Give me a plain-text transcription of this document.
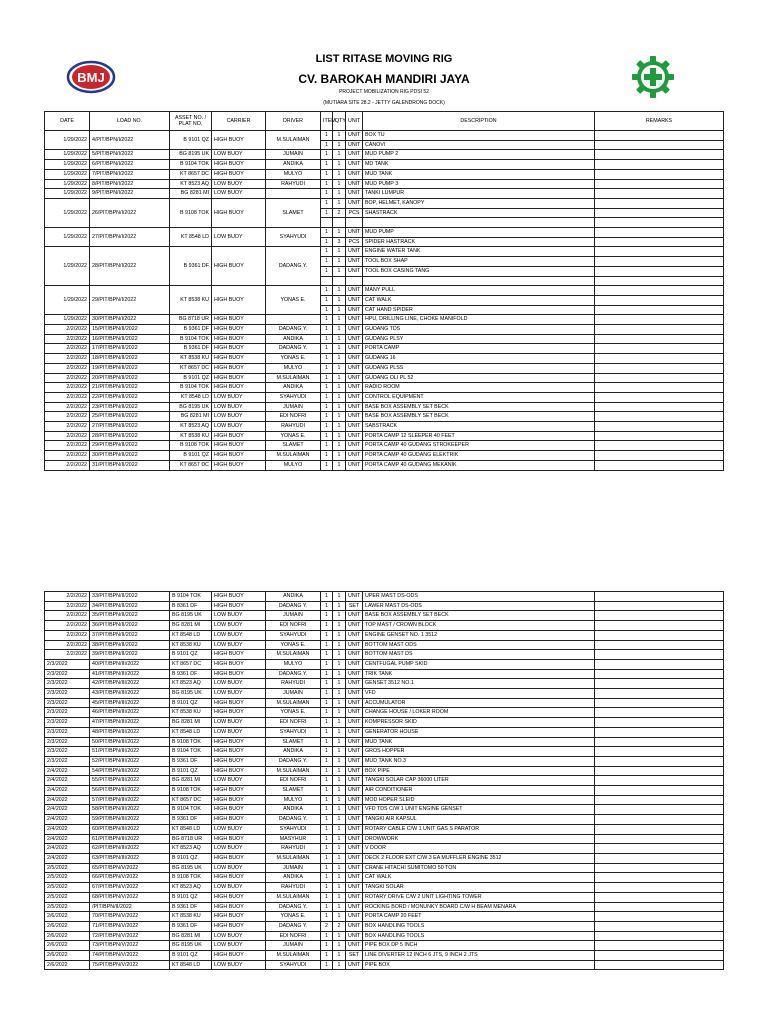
BMJ
LIST RITASE MOVING RIG
CV. BAROKAH MANDIRI JAYA
PROJECT MOBILIZATION RIG PDSI 52
(MUTIARA SITE 28.2 - JETTY GALENDRONG DOCK)
DATE	LOAD NO.	ASSET NO. / PLAT NO.	CARRIER	DRIVER	ITEM	QTY	UNIT	DESCRIPTION	REMARKS
1/29/2022	4/PIT/BPN/I/2022	B 9101 QZ	HIGH BUOY	M.SULAIMAN	1	1	UNIT	BOX TU	
					1	1	UNIT	CANOVI	
1/29/2022	5/PIT/BPN/I/2022	BG 8195 UK	LOW BUOY	JUMAIN	1	1	UNIT	MUD PUMP 2	
1/29/2022	6/PIT/BPN/I/2022	B 9104 TOK	HIGH BUOY	ANDIKA	1	1	UNIT	MD TANK	
1/29/2022	7/PIT/BPN/I/2022	KT 8657 DC	HIGH BUOY	MULYO	1	1	UNIT	MUD TANK	
1/29/2022	8/PIT/BPN/I/2022	KT 8523 AQ	LOW BUOY	RAHYUDI	1	1	UNIT	MUD PUMP 3	
1/29/2022	9/PIT/BPN/I/2022	BG 8281 MI	LOW BUOY		1	1	UNIT	TANKI LUMPUR	
1/29/2022	26/PIT/BPN/I/2022	B 9108 TOK	HIGH BUOY	SLAMET	1	1	UNIT	BOP, HELMET, KANOPY	
					1	2	PCS	SHASTRACK	

1/29/2022	27/PIT/BPN/I/2022	KT 8548 LD	LOW BUOY	SYAHYUDI	1	1	UNIT	MUD PUMP	
					1	3	PCS	SPIDER HASTRACK	
1/29/2022	28/PIT/BPN/I/2022	B 9361 DF	HIGH BUOY	DADANG Y.	1	1	UNIT	ENGINE WATER TANK	
					1	1	UNIT	TOOL BOX SHAP	
					1	1	UNIT	TOOL BOX CASING TANG	

1/29/2022	29/PIT/BPN/I/2022	KT 8538 KU	HIGH BUOY	YONAS E.	1	1	UNIT	MANY PULL	
					1	1	UNIT	CAT WALK	
					1	1	UNIT	CAT HAND SPIDER	
1/29/2022	30/PIT/BPN/I/2022	BG 8718 UR	HIGH BUOY		1	1	UNIT	HPU, DRILLING LINE, CHOKE MANIFOLD	
2/2/2022	15/PIT/BPN/II/2022	B 9361 DF	HIGH BUOY	DADANG Y.	1	1	UNIT	GUDANG TDS	
2/2/2022	16/PIT/BPN/II/2022	B 9104 TOK	HIGH BUOY	ANDIKA	1	1	UNIT	GUDANG PLSY	
2/2/2022	17/PIT/BPN/II/2022	B 9361 DF	HIGH BUOY	DADANG Y.	1	1	UNIT	PORTA CAMP	
2/2/2022	18/PIT/BPN/II/2022	KT 8538 KU	HIGH BUOY	YONAS E.	1	1	UNIT	GUDANG 16	
2/2/2022	19/PIT/BPN/II/2022	KT 8657 DC	HIGH BUOY	MULYO	1	1	UNIT	GUDANG PLSS	
2/2/2022	20/PIT/BPN/II/2022	B 9101 QZ	HIGH BUOY	M.SULAIMAN	1	1	UNIT	GUDANG OLI PL 52	
2/2/2022	21/PIT/BPN/II/2022	B 9104 TOK	HIGH BUOY	ANDIKA	1	1	UNIT	RADIO ROOM	
2/2/2022	22/PIT/BPN/II/2022	KT 8548 LD	LOW BUOY	SYAHYUDI	1	1	UNIT	CONTROL EQUIPMENT	
2/2/2022	23/PIT/BPN/II/2022	BG 8195 UK	LOW BUOY	JUMAIN	1	1	UNIT	BASE BOX ASSEMBLY SET BECK	
2/2/2022	25/PIT/BPN/II/2022	BG 8281 MI	LOW BUOY	EDI NOFRI	1	1	UNIT	BASE BOX ASSEMBLY SET BECK	
2/2/2022	27/PIT/BPN/II/2022	KT 8523 AQ	LOW BUOY	RAHYUDI	1	1	UNIT	SABSTRACK	
2/2/2022	28/PIT/BPN/II/2022	KT 8538 KU	HIGH BUOY	YONAS E.	1	1	UNIT	PORTA CAMP 12 SLEEPER 40 FEET	
2/2/2022	29/PIT/BPN/II/2022	B 9108 TOK	HIGH BUOY	SLAMET	1	1	UNIT	PORTA CAMP 40 GUDANG STROKEEPER	
2/2/2022	30/PIT/BPN/II/2022	B 9101 QZ	HIGH BUOY	M.SULAIMAN	1	1	UNIT	PORTA CAMP 40 GUDANG ELEKTRIK	
2/2/2022	31/PIT/BPN/II/2022	KT 8657 DC	HIGH BUOY	MULYO	1	1	UNIT	PORTA CAMP 40 GUDANG MEKANIK	
2/2/2022	33/PIT/BPN/II/2022	B 9104 TOK	HIGH BUOY	ANDIKA	1	1	UNIT	UPER MAST DS-ODS	
2/2/2022	34/PIT/BPN/II/2022	B 8361 DF	HIGH BUOY	DADANG Y.	1	1	SET	LAWER MAST DS-ODS	
2/2/2022	35/PIT/BPN/II/2022	BG 8195 UK	LOW BUOY	JUMAIN	1	1	UNIT	BASE BOX ASSEMBLY SET BECK	
2/2/2022	36/PIT/BPN/II/2022	BG 8281 MI	LOW BUOY	EDI NOFRI	1	1	UNIT	TOP MAST / CROWN BLOCK	
2/2/2022	37/PIT/BPN/II/2022	KT 8548 LD	LOW BUOY	SYAHYUDI	1	1	UNIT	ENGINE GENSET NO. 1 3512	
2/2/2022	38/PIT/BPN/II/2022	KT 8538 KU	LOW BUOY	YONAS E.	1	1	UNIT	BOTTOM MAST ODS	
2/2/2022	39/PIT/BPN/II/2022	B 9101 QZ	HIGH BUOY	M.SULAIMAN	1	1	UNIT	BOTTOM MAST DS	
2/3/2022	40/PIT/BPN/III/2022	KT 8657 DC	HIGH BUOY	MULYO	1	1	UNIT	CENTFUGAL PUMP SKID	
2/3/2022	41/PIT/BPN/III/2022	B 9361 DF	HIGH BUOY	DADANG Y.	1	1	UNIT	TRIK TANK	
2/3/2022	42/PIT/BPN/III/2022	KT 8523 AQ	LOW BUOY	RAHYUDI	1	1	UNIT	GENSET 3512 NO.1	
2/3/2022	43/PIT/BPN/III/2022	BG 8195 UK	LOW BUOY	JUMAIN	1	1	UNIT	VFD	
2/3/2022	45/PIT/BPN/III/2022	B 9101 QZ	HIGH BUOY	M.SULAIMAN	1	1	UNIT	ACCUMULATOR	
2/3/2022	46/PIT/BPN/III/2022	KT 8538 KU	HIGH BUOY	YONAS E.	1	1	UNIT	CHANGE HOUSE / LOKER ROOM	
2/3/2022	47/PIT/BPN/III/2022	BG 8281 MI	LOW BUOY	EDI NOFRI	1	1	UNIT	KOMPRESSOR SKID	
2/3/2022	48/PIT/BPN/III/2022	KT 8548 LD	LOW BUOY	SYAHYUDI	1	1	UNIT	GENERATOR HOUSE	
2/3/2022	50/PIT/BPN/III/2022	B 9108 TOK	HIGH BUOY	SLAMET	1	1	UNIT	MUD TANK	
2/3/2022	51/PIT/BPN/III/2022	B 9104 TOK	HIGH BUOY	ANDIKA	1	1	UNIT	GROS HOPPER	
2/3/2022	52/PIT/BPN/III/2022	B 9361 DF	HIGH BUOY	DADANG Y.	1	1	UNIT	MUD TANK NO.3	
2/4/2022	54/PIT/BPN/III/2022	B 9101 QZ	HIGH BUOY	M.SULAIMAN	1	1	UNIT	BOX PIPE	
2/4/2022	55/PIT/BPN/III/2022	BG 8281 MI	LOW BUOY	EDI NOFRI	1	1	UNIT	TANGKI SOLAR CAP 36000 LITER	
2/4/2022	56/PIT/BPN/III/2022	B 9108 TOK	HIGH BUOY	SLAMET	1	1	UNIT	AIR CONDITIONER	
2/4/2022	57/PIT/BPN/III/2022	KT 8657 DC	HIGH BUOY	MULYO	1	1	UNIT	MOD HOPER SLEID	
2/4/2022	58/PIT/BPN/III/2022	B 9104 TOK	HIGH BUOY	ANDIKA	1	1	UNIT	VFD TDS C/W 1 UNIT ENGINE GENSET	
2/4/2022	59/PIT/BPN/III/2022	B 9361 DF	HIGH BUOY	DADANG Y.	1	1	UNIT	TANGKI AIR KAPSUL	
2/4/2022	60/PIT/BPN/III/2022	KT 8548 LD	LOW BUOY	SYAHYUDI	1	1	UNIT	ROTARY CABLE C/W 1 UNIT GAS S PARATOR	
2/4/2022	61/PIT/BPN/III/2022	BG 8718 UR	HIGH BUOY	MASYHUR	1	1	UNIT	DROWWORK	
2/4/2022	62/PIT/BPN/III/2022	KT 8523 AQ	LOW BUOY	RAHYUDI	1	1	UNIT	V DOOR	
2/4/2022	63/PIT/BPN/III/2022	B 9101 QZ	HIGH BUOY	M.SULAIMAN	1	1	UNIT	DECK 2 FLOOR EXT C/W 3 EA MUFFLER ENGINE 3512	
2/5/2022	65/PIT/BPN/V/2022	BG 8195 UK	LOW BUOY	JUMAIN	1	1	UNIT	CRANE HITACHI SUMITOMO 50 TON	
2/5/2022	66/PIT/BPN/V/2022	B 9108 TOK	HIGH BUOY	ANDIKA	1	1	UNIT	CAT WALK	
2/5/2022	67/PIT/BPN/V/2022	KT 8523 AQ	LOW BUOY	RAHYUDI	1	1	UNIT	TANGKI SOLAR	
2/5/2022	68/PIT/BPN/V/2022	B 9101 QZ	HIGH BUOY	M.SULAIMAN	1	1	UNIT	ROTARY DRIVE C/W 2 UNIT LIGHTING TOWER	
2/5/2022	/PIT/BPN/II/2022	B 9361 DF	HIGH BUOY	DADANG Y.	1	1	UNIT	ROCKING BORD / MONUNKY BOARD C/W H BEAM MENARA	
2/6/2022	70/PIT/BPN/V/2022	KT 8538 KU	HIGH BUOY	YONAS E.	1	1	UNIT	PORTA CAMP 20 FEET	
2/6/2022	71/PIT/BPN/V/2022	B 9361 DF	HIGH BUOY	DADANG Y.	2	2	UNIT	BOX HANDLING TOOLS	
2/6/2022	72/PIT/BPN/V/2022	BG 8281 MI	LOW BUOY	EDI NOFRI	1	1	UNIT	BOX HANDLING TOOLS	
2/6/2022	73/PIT/BPN/V/2022	BG 8195 UK	LOW BUOY	JUMAIN	1	1	UNIT	PIPE BOX DP 5 INCH	
2/6/2022	74/PIT/BPN/V/2022	B 9101 QZ	HIGH BUOY	M.SULAIMAN	1	1	SET	LINE DIVERTER 12 INCH 6 JTS, 9 INCH 2 JTS	
2/6/2022	75/PIT/BPN/V/2022	KT 8548 LD	LOW BUOY	SYAHYUDI	1	1	UNIT	PIPE BOX	
